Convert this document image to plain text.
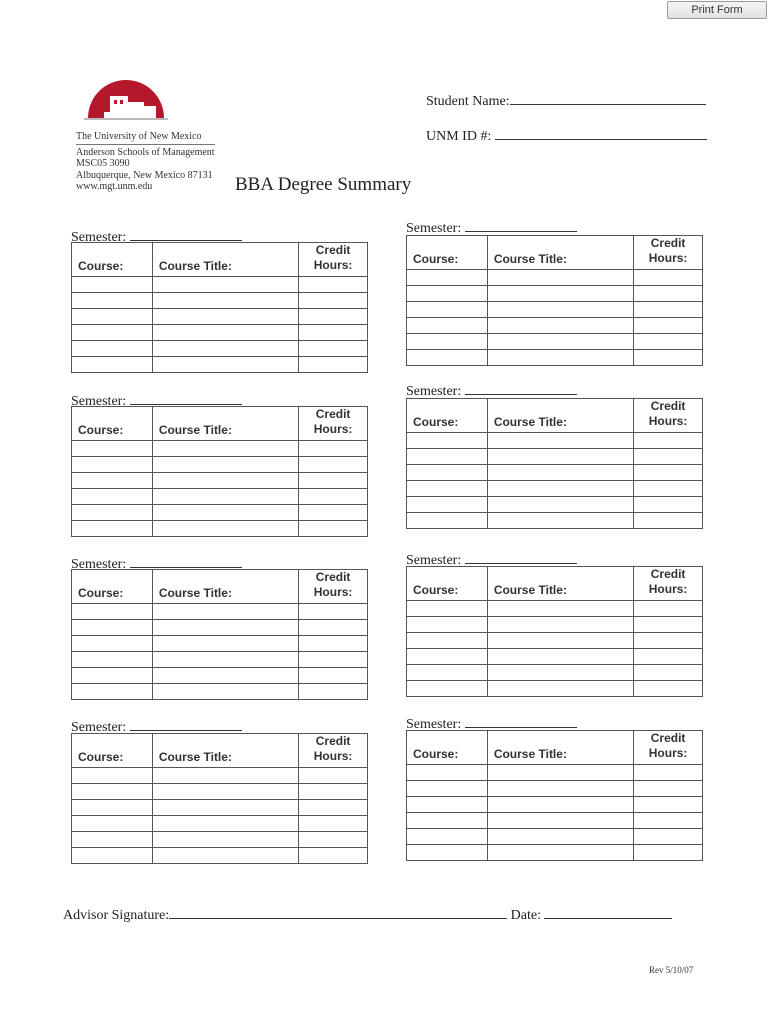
Print Form
The University of New Mexico
Anderson Schools of Management
MSC05 3090
Albuquerque, New Mexico 87131
www.mgt.unm.edu
Student Name:
UNM ID #:
BBA Degree Summary
Semester:
Course:	Course Title:	Credit
Hours:

Semester:
Course:	Course Title:	Credit
Hours:

Semester:
Course:	Course Title:	Credit
Hours:

Semester:
Course:	Course Title:	Credit
Hours:

Semester:
Course:	Course Title:	Credit
Hours:

Semester:
Course:	Course Title:	Credit
Hours:

Semester:
Course:	Course Title:	Credit
Hours:

Semester:
Course:	Course Title:	Credit
Hours:

Advisor Signature:	Date:
Rev 5/10/07
